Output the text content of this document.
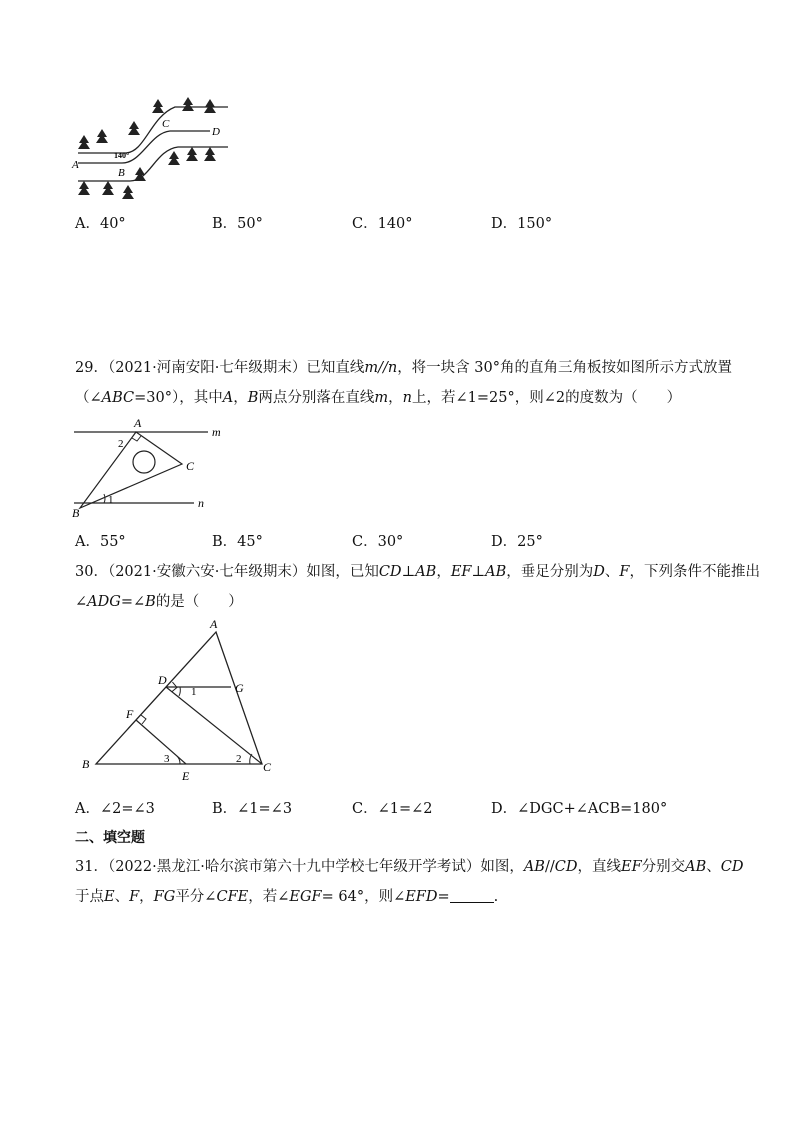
A
B
C
D
140°
A．40°	B．50°	C．140°	D．150°
29．（2021·河南安阳·七年级期末）已知直线m//n，将一块含 30°角的直角三角板按如图所示方式放置
（∠ABC=30°），其中A，B两点分别落在直线m，n上，若∠1=25°，则∠2的度数为（　　）
A
B
C
m
n
1
2
A．55°	B．45°	C．30°	D．25°
30．（2021·安徽六安·七年级期末）如图，已知CD⊥AB，EF⊥AB，垂足分别为D、F，下列条件不能推出
∠ADG=∠B的是（　　）
A
B	C
D
E
F
G
1
2
3
A．∠2=∠3	B．∠1=∠3	C．∠1=∠2	D．∠DGC+∠ACB=180°
二、填空题
31．（2022·黑龙江·哈尔滨市第六十九中学校七年级开学考试）如图，AB//CD，直线EF分别交AB、CD
于点E、F，FG平分∠CFE，若∠EGF= 64°，则∠EFD=	.
